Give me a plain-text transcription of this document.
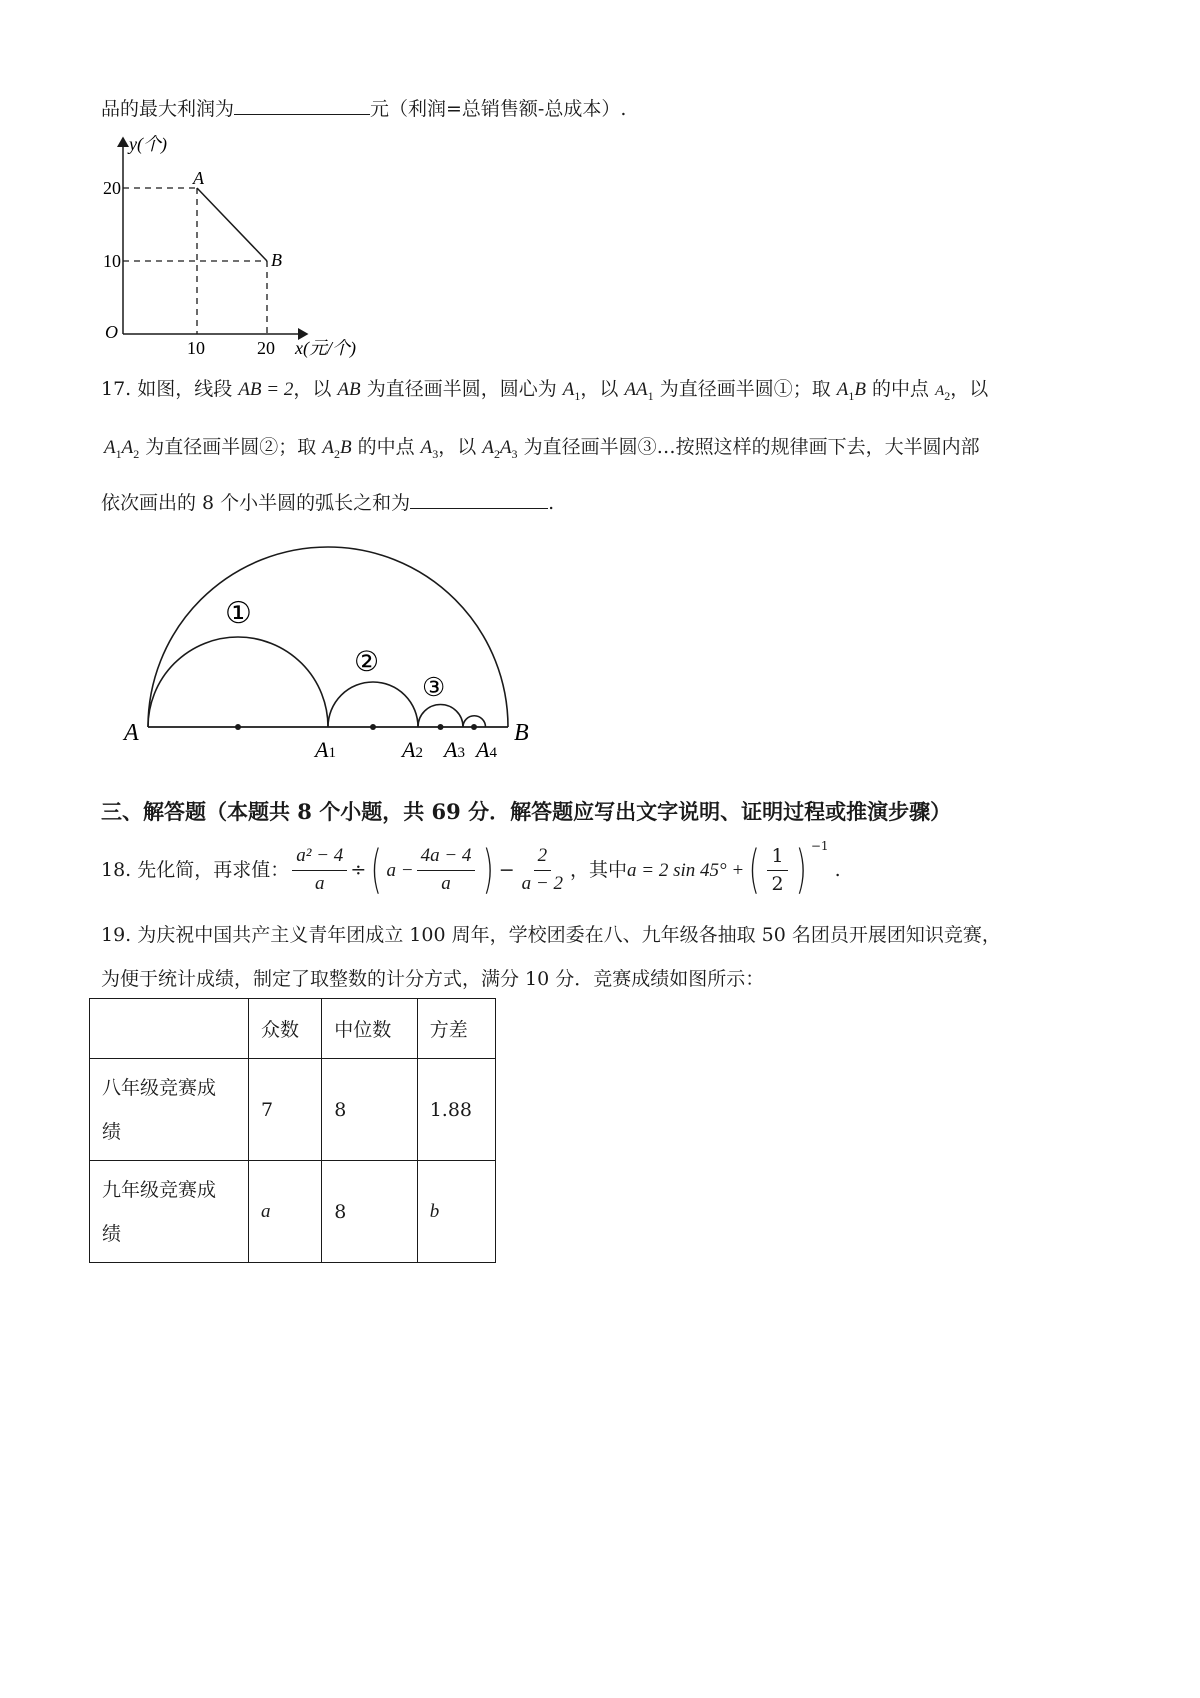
品的最大利润为	元（利润=总销售额-总成本）.
y(个)
20
10
O
10	20 x(元/个)
A
B
17. 如图，线段 AB = 2，以 AB 为直径画半圆，圆心为 $A_1$，以 $AA_1$ 为直径画半圆①；取 $A_1B$ 的中点 $A_2$，以
$A_1A_2$ 为直径画半圆②；取 $A_2B$ 的中点 $A_3$，以 $A_2A_3$ 为直径画半圆③…按照这样的规律画下去，大半圆内部
依次画出的 8 个小半圆的弧长之和为	.
①
②
③
A	B
A1	A2 A3 A4
三、解答题（本题共 8 个小题，共 69 分．解答题应写出文字说明、证明过程或推演步骤）
18.
先化简，再求值： $\frac{\text{a² − 4}}{a}$ ÷ ( $a - \frac{4a - 4}{a}$ ) − $\frac{2}{a - 2}$ ，其中 a = 2 sin 45° + ( $\frac{1}{2}$ ) −1

.
19. 为庆祝中国共产主义青年团成立 100 周年，学校团委在八、九年级各抽取 50 名团员开展团知识竞赛，
为便于统计成绩，制定了取整数的计分方式，满分 10 分．竞赛成绩如图所示：
	众数	中位数	方差
八年级竞赛成
绩	7	8	1.88
九年级竞赛成
绩	a	8	b
